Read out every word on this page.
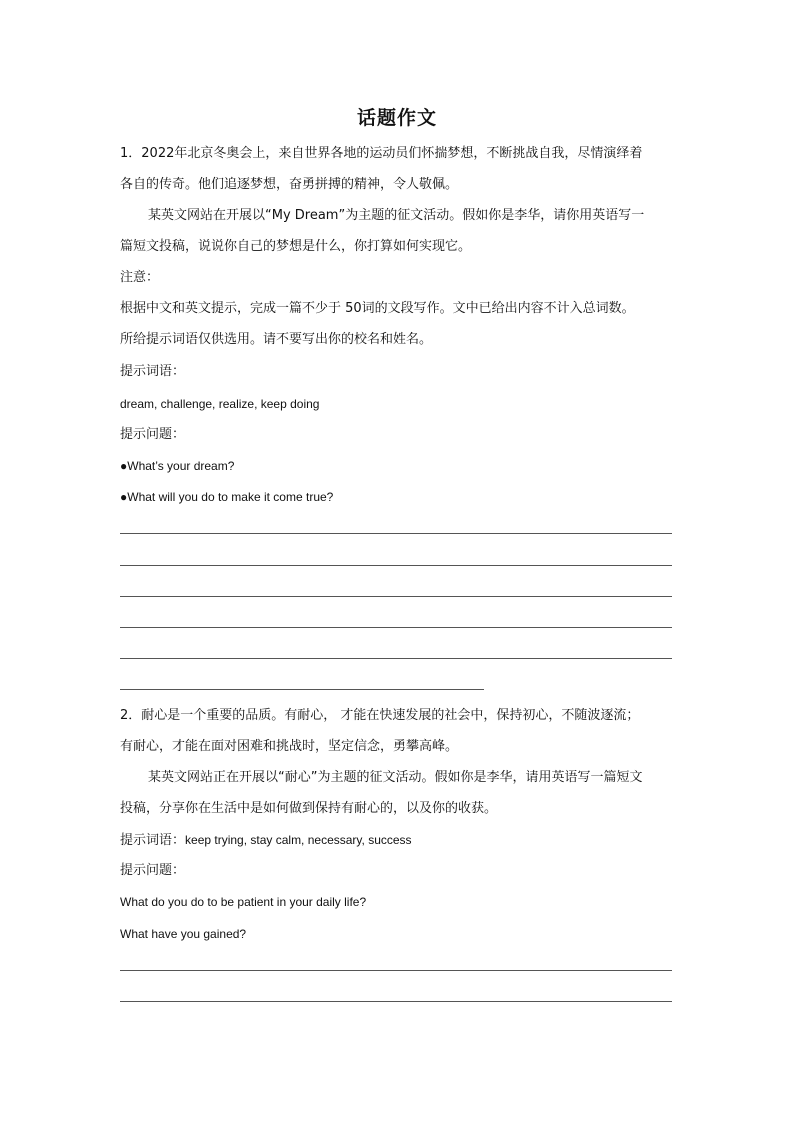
话题作文
1．2022年北京冬奥会上，来自世界各地的运动员们怀揣梦想，不断挑战自我，尽情演绎着
各自的传奇。他们追逐梦想，奋勇拼搏的精神，令人敬佩。
某英文网站在开展以“My Dream”为主题的征文活动。假如你是李华，请你用英语写一
篇短文投稿，说说你自己的梦想是什么，你打算如何实现它。
注意：
根据中文和英文提示，完成一篇不少于 50词的文段写作。文中已给出内容不计入总词数。
所给提示词语仅供选用。请不要写出你的校名和姓名。
提示词语：
dream, challenge, realize, keep doing
提示问题：
●What’s your dream?
●What will you do to make it come true?
2．耐心是一个重要的品质。有耐心， 才能在快速发展的社会中，保持初心，不随波逐流；
有耐心，才能在面对困难和挑战时，坚定信念，勇攀高峰。
某英文网站正在开展以“耐心”为主题的征文活动。假如你是李华，请用英语写一篇短文
投稿，分享你在生活中是如何做到保持有耐心的，以及你的收获。
提示词语：keep trying, stay calm, necessary, success
提示问题：
What do you do to be patient in your daily life?
What have you gained?
